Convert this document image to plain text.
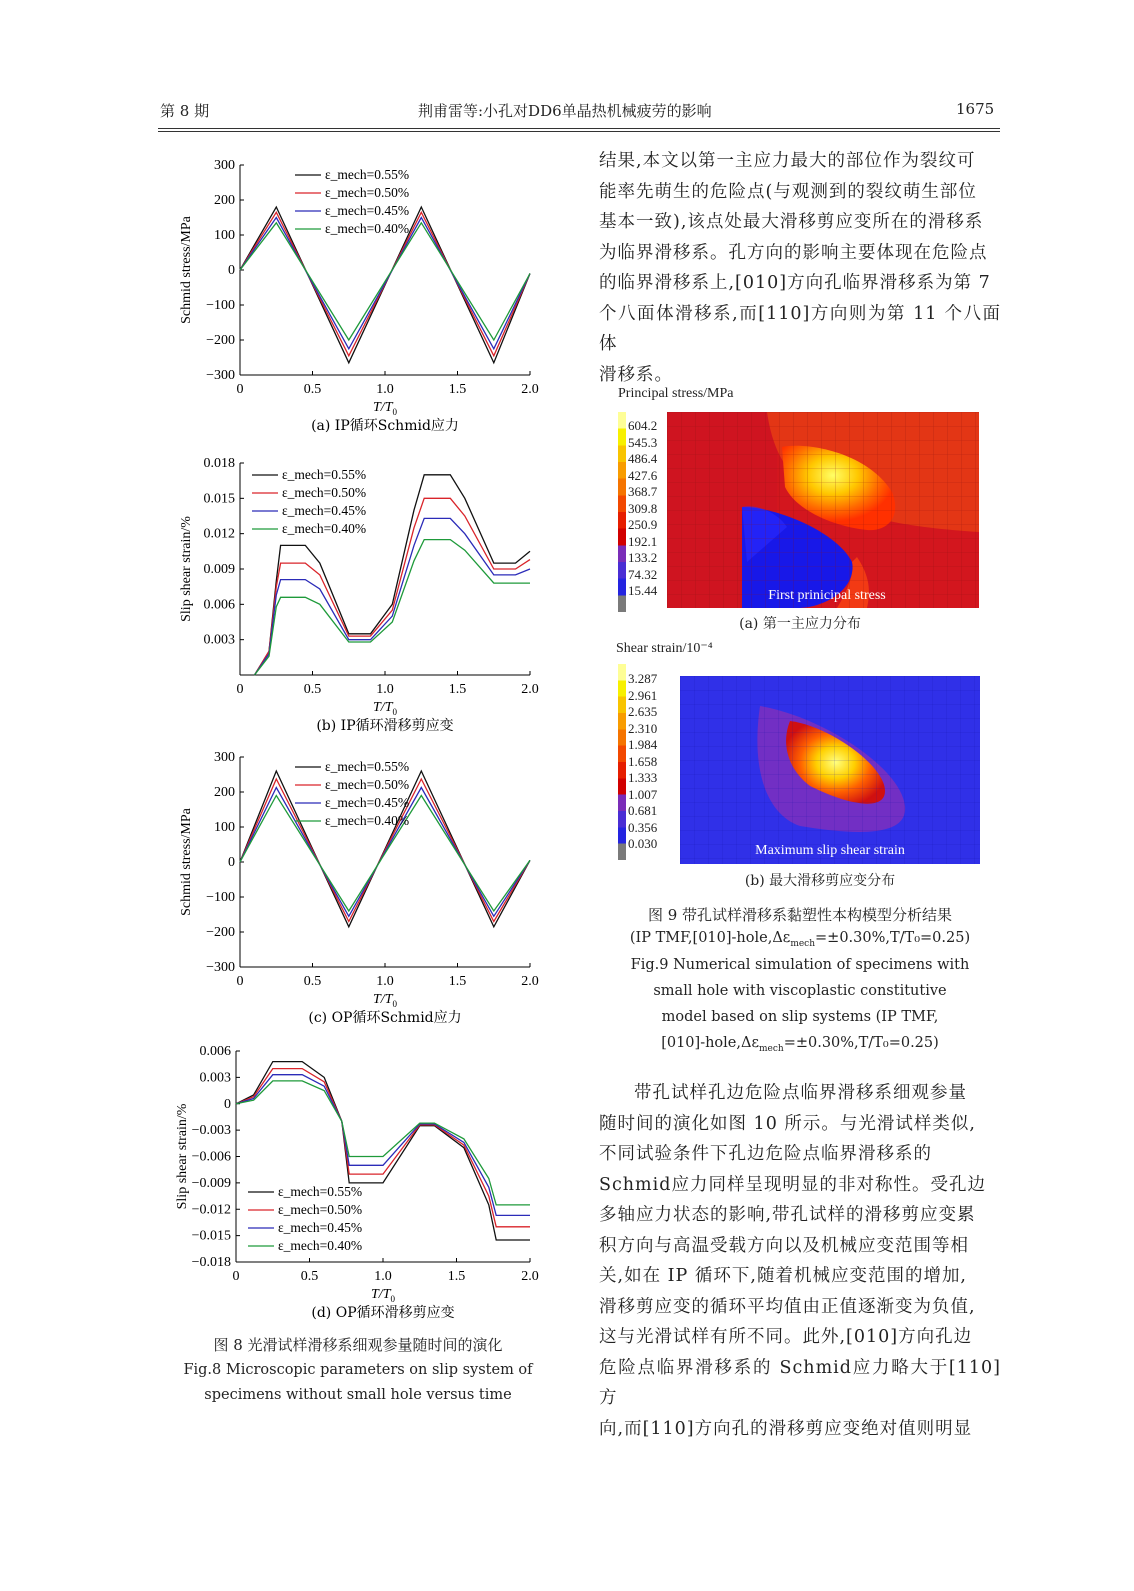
第 8 期	荆甫雷等:小孔对DD6单晶热机械疲劳的影响	1675
−300
−200
−100
0
100
200
300
0	0.5	1.0	1.5	2.0
$T/T_0$
Schmid stress/MPa
(a) IP循环Schmid应力
ε_mech=0.55%
ε_mech=0.50%
ε_mech=0.45%
ε_mech=0.40%
0.003
0.006
0.009
0.012
0.015
0.018
0	0.5	1.0	1.5	2.0
$T/T_0$
Slip shear strain/%
(b) IP循环滑移剪应变
ε_mech=0.55%
ε_mech=0.50%
ε_mech=0.45%
ε_mech=0.40%
−300
−200
−100
0
100
200
300
0	0.5	1.0	1.5	2.0
$T/T_0$
Schmid stress/MPa
(c) OP循环Schmid应力
ε_mech=0.55%
ε_mech=0.50%
ε_mech=0.45%
ε_mech=0.40%
−0.018
−0.015
−0.012
−0.009
−0.006
−0.003
0
0.003
0.006
0	0.5	1.0	1.5	2.0
$T/T_0$
Slip shear strain/%
(d) OP循环滑移剪应变
ε_mech=0.55%
ε_mech=0.50%
ε_mech=0.45%
ε_mech=0.40%
图 8 光滑试样滑移系细观参量随时间的演化
Fig.8 Microscopic parameters on slip system of
specimens without small hole versus time

结果,本文以第一主应力最大的部位作为裂纹可

能率先萌生的危险点(与观测到的裂纹萌生部位

基本一致),该点处最大滑移剪应变所在的滑移系

为临界滑移系。孔方向的影响主要体现在危险点

的临界滑移系上,[010]方向孔临界滑移系为第 7

个八面体滑移系,而[110]方向则为第 11 个八面体

滑移系。

Principal stress/MPa
604.2
545.3
486.4
427.6
368.7
309.8
250.9
192.1
133.2
74.32
15.44	First prinicipal stress
(a) 第一主应力分布
Shear strain/10⁻⁴
3.287
2.961
2.635
2.310
1.984
1.658
1.333
1.007
0.681
0.356
0.030	Maximum slip shear strain
(b) 最大滑移剪应变分布
图 9 带孔试样滑移系黏塑性本构模型分析结果
(IP $TMF,[010]-hole,\Delta\varepsilon_{mech}=\pm 0.30\%,T/T_0=0.25$)
Fig.9 Numerical simulation of specimens with
small hole with viscoplastic constitutive
model based on slip systems (IP TMF,
$[010]-hole,\Delta\varepsilon_{mech}=\pm 0.30\%,T/T_0=0.25$)

带孔试样孔边危险点临界滑移系细观参量

随时间的演化如图 10 所示。与光滑试样类似,

不同试验条件下孔边危险点临界滑移系的

Schmid应力同样呈现明显的非对称性。受孔边

多轴应力状态的影响,带孔试样的滑移剪应变累

积方向与高温受载方向以及机械应变范围等相

关,如在 IP 循环下,随着机械应变范围的增加,

滑移剪应变的循环平均值由正值逐渐变为负值,

这与光滑试样有所不同。此外,[010]方向孔边

危险点临界滑移系的 Schmid应力略大于[110]方

向,而[110]方向孔的滑移剪应变绝对值则明显
